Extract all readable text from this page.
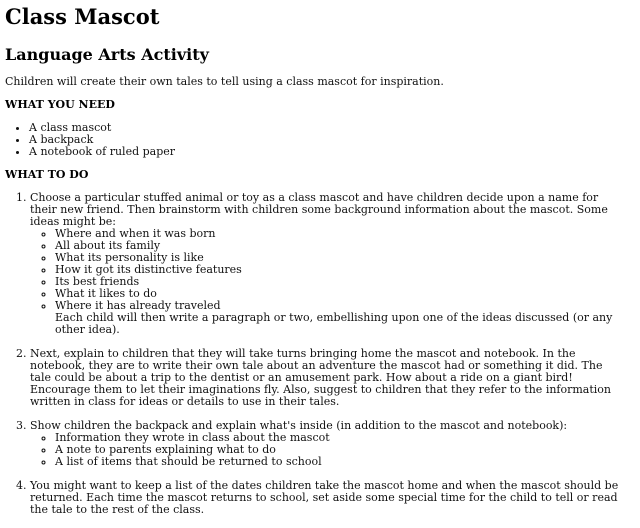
Class Mascot
Language Arts Activity

Children will create their own tales to tell using a class mascot for inspiration.

WHAT YOU NEED
• A class mascot
• A backpack
• A notebook of ruled paper
WHAT TO DO
1. Choose a particular stuffed animal or toy as a class mascot and have children decide upon a name for their new friend. Then brainstorm with children some background information about the mascot. Some ideas might be:
◦ Where and when it was born
◦ All about its family
◦ What its personality is like
◦ How it got its distinctive features
◦ Its best friends
◦ What it likes to do
◦ Where it has already traveled
Each child will then write a paragraph or two, embellishing upon one of the ideas discussed (or any other idea).
2. Next, explain to children that they will take turns bringing home the mascot and notebook. In the notebook, they are to write their own tale about an adventure the mascot had or something it did. The tale could be about a trip to the dentist or an amusement park. How about a ride on a giant bird! Encourage them to let their imaginations fly. Also, suggest to children that they refer to the information written in class for ideas or details to use in their tales.
3. Show children the backpack and explain what's inside (in addition to the mascot and notebook):
◦ Information they wrote in class about the mascot
◦ A note to parents explaining what to do
◦ A list of items that should be returned to school
4. You might want to keep a list of the dates children take the mascot home and when the mascot should be returned. Each time the mascot returns to school, set aside some special time for the child to tell or read the tale to the rest of the class.
